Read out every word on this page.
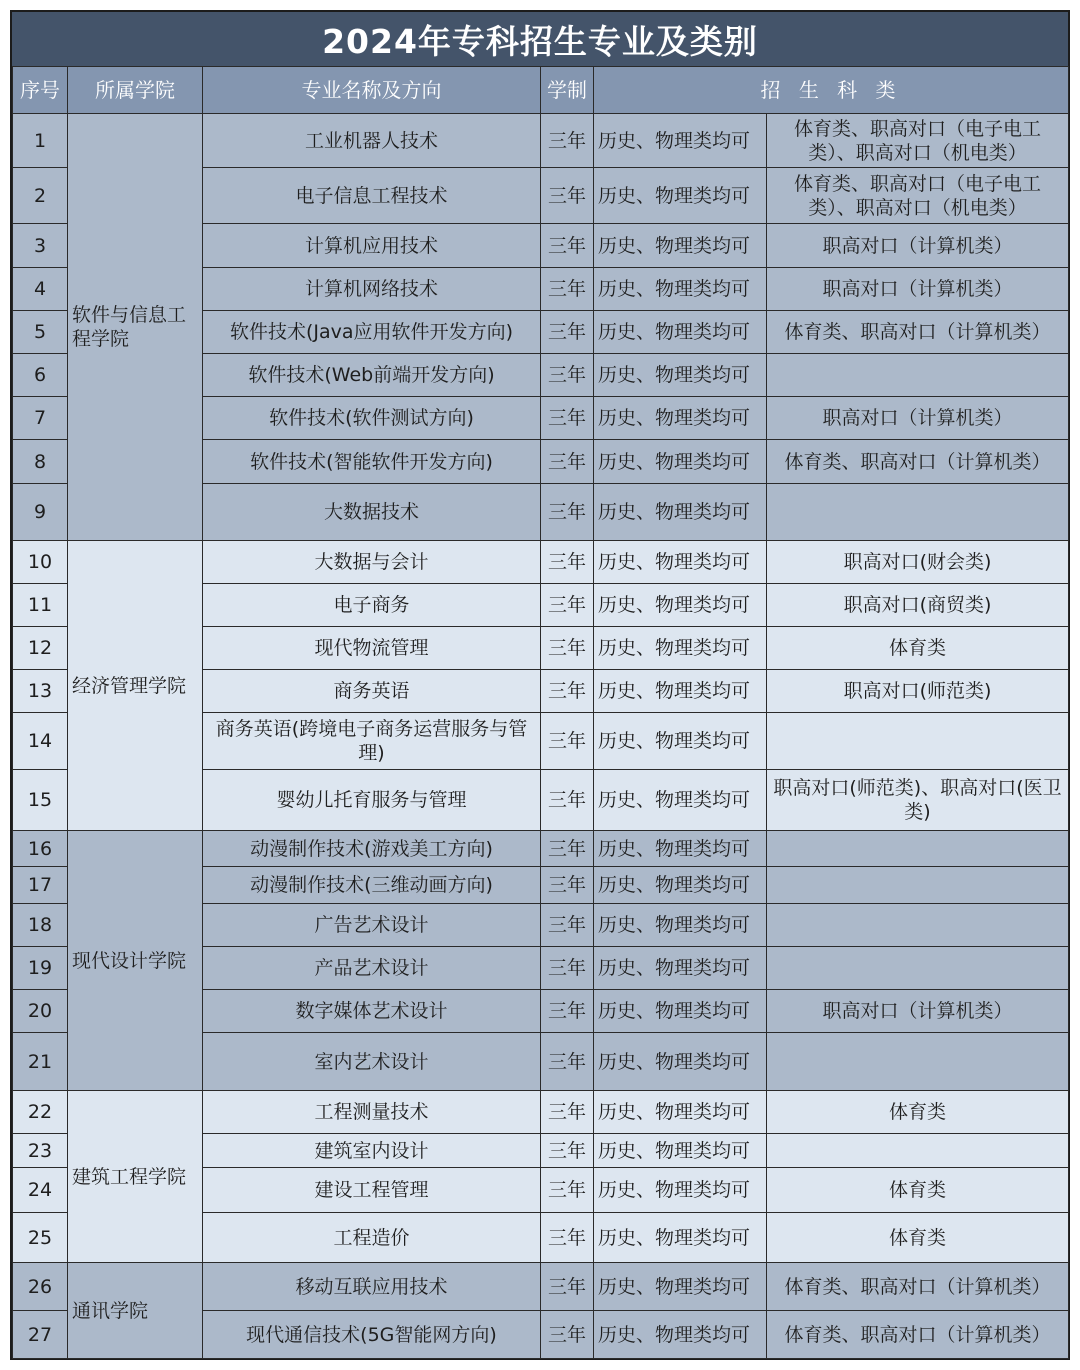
2024年专科招生专业及类别
序号	所属学院	专业名称及方向	学制	招 生 科 类	
1	软件与信息工程学院	工业机器人技术	三年	历史、物理类均可	体育类、职高对口（电子电工类）、职高对口（机电类）
2		电子信息工程技术	三年	历史、物理类均可	体育类、职高对口（电子电工类）、职高对口（机电类）
3		计算机应用技术	三年	历史、物理类均可	职高对口（计算机类）
4		计算机网络技术	三年	历史、物理类均可	职高对口（计算机类）
5		软件技术(Java应用软件开发方向)	三年	历史、物理类均可	体育类、职高对口（计算机类）
6		软件技术(Web前端开发方向)	三年	历史、物理类均可	
7		软件技术(软件测试方向)	三年	历史、物理类均可	职高对口（计算机类）
8		软件技术(智能软件开发方向)	三年	历史、物理类均可	体育类、职高对口（计算机类）
9		大数据技术	三年	历史、物理类均可	
10	经济管理学院	大数据与会计	三年	历史、物理类均可	职高对口(财会类)
11		电子商务	三年	历史、物理类均可	职高对口(商贸类)
12		现代物流管理	三年	历史、物理类均可	体育类
13		商务英语	三年	历史、物理类均可	职高对口(师范类)
14		商务英语(跨境电子商务运营服务与管理)	三年	历史、物理类均可	
15		婴幼儿托育服务与管理	三年	历史、物理类均可	职高对口(师范类)、职高对口(医卫类)
16	现代设计学院	动漫制作技术(游戏美工方向)	三年	历史、物理类均可	
17		动漫制作技术(三维动画方向)	三年	历史、物理类均可	
18		广告艺术设计	三年	历史、物理类均可	
19		产品艺术设计	三年	历史、物理类均可	
20		数字媒体艺术设计	三年	历史、物理类均可	职高对口（计算机类）
21		室内艺术设计	三年	历史、物理类均可	
22	建筑工程学院	工程测量技术	三年	历史、物理类均可	体育类
23		建筑室内设计	三年	历史、物理类均可	
24		建设工程管理	三年	历史、物理类均可	体育类
25		工程造价	三年	历史、物理类均可	体育类
26	通讯学院	移动互联应用技术	三年	历史、物理类均可	体育类、职高对口（计算机类）
27		现代通信技术(5G智能网方向)	三年	历史、物理类均可	体育类、职高对口（计算机类）
